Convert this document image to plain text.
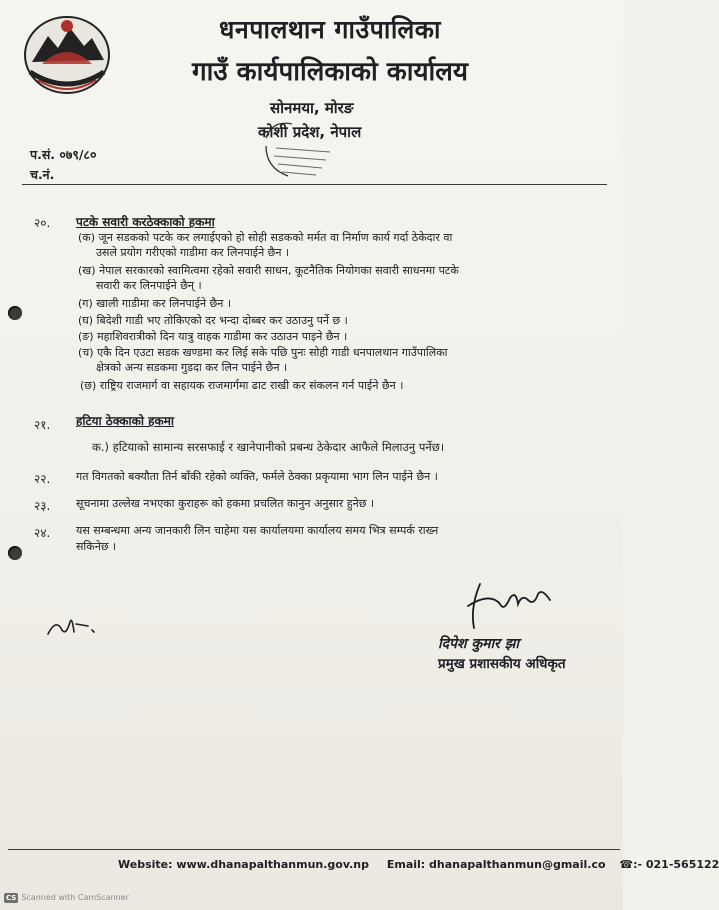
धनपालथान गाउँपालिका
गाउँ कार्यपालिकाको कार्यालय
सोनमया, मोरङ
कोशी प्रदेश, नेपाल
प.सं. ०७९/८०
च.नं.
२०. पटके सवारी करठेक्काको हकमा
(क) जून सडकको पटके कर लगाईएको हो सोही सडकको मर्मत वा निर्माण कार्य गर्दा ठेकेदार वा
उसले प्रयोग गरीएको गाडीमा कर लिनपाईने छैन ।
(ख) नेपाल सरकारको स्वामित्वमा रहेको सवारी साधन, कूटनैतिक नियोगका सवारी साधनमा पटके
सवारी कर लिनपाईने छैन् ।
(ग) खाली गाडीमा कर लिनपाईने छैन ।
(घ) बिदेशी गाडी भए तोकिएको दर भन्दा दोब्बर कर उठाउनु पर्ने छ ।
(ङ) महाशिवरात्रीको दिन यात्रु वाहक गाडीमा कर उठाउन पाइने छैन ।
(च) एकै दिन एउटा सडक खण्डमा कर लिई सके पछि पुनः सोही गाडी धनपालथान गाउँपालिका
क्षेत्रको अन्य सडकमा गुडदा कर लिन पाईने छैन ।
(छ) राष्ट्रिय राजमार्ग वा सहायक राजमार्गमा ढाट राखी कर संकलन गर्न पाईने छैन ।
२१. हटिया ठेक्काको हकमा
क.) हटियाको सामान्य सरसफाई र खानेपानीको प्रबन्ध ठेकेदार आफैले मिलाउनु पर्नेछ।
२२. गत विगतको बक्यौता तिर्न बाँकी रहेको व्यक्ति, फर्मले ठेक्का प्रकृयामा भाग लिन पाईने छैन ।
२३. सूचनामा उल्लेख नभएका कुराहरू को हकमा प्रचलित कानुन अनुसार हुनेछ ।
२४. यस सम्बन्धमा अन्य जानकारी लिन चाहेमा यस कार्यालयमा कार्यालय समय भित्र सम्पर्क राख्न
सकिनेछ ।
दिपेश कुमार झा
प्रमुख प्रशासकीय अधिकृत
Website: www.dhanapalthanmun.gov.np Email: dhanapalthanmun@gmail.co ☎:- 021-565122
CS Scanned with CamScanner
